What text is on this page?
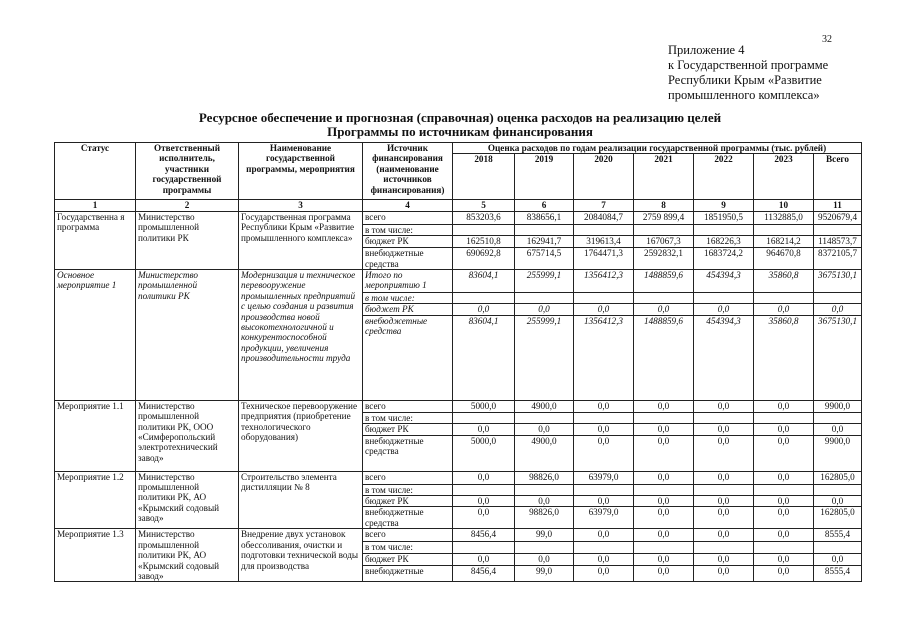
32
Приложение 4
к Государственной программе
Республики Крым «Развитие
промышленного комплекса»
Ресурсное обеспечение и прогнозная (справочная) оценка расходов на реализацию целей
Программы по источникам финансирования
Статус	Ответственный исполнитель, участники государственной программы	Наименование государственной программы, мероприятия	Источник финансирования (наименование источников финансирования)	Оценка расходов по годам реализации государственной программы (тыс. рублей)						
				2018	2019	2020	2021	2022	2023	Всего
1	2	3	4	5	6	7	8	9	10	11
Государственна я программа	Министерство промышленной политики РК	Государственная программа Республики Крым «Развитие промышленного комплекса»	всего	853203,6	838656,1	2084084,7	2759 899,4	1851950,5	1132885,0	9520679,4
			в том числе:							
			бюджет РК	162510,8	162941,7	319613,4	167067,3	168226,3	168214,2	1148573,7
			внебюджетные средства	690692,8	675714,5	1764471,3	2592832,1	1683724,2	964670,8	8372105,7
Основное мероприятие 1	Министерство промышленной политики РК	Модернизация и техническое перевооружение промышленных предприятий с целью создания и развития производства новой высокотехнологичной и конкурентоспособной продукции, увеличения производительности труда	Итого по мероприятию 1	83604,1	255999,1	1356412,3	1488859,6	454394,3	35860,8	3675130,1
			в том числе:							
			бюджет РК	0,0	0,0	0,0	0,0	0,0	0,0	0,0
			внебюджетные средства	83604,1	255999,1	1356412,3	1488859,6	454394,3	35860,8	3675130,1
Мероприятие 1.1	Министерство промышленной политики РК, ООО «Симферопольский электротехнический завод»	Техническое перевооружение предприятия (приобретение технологического оборудования)	всего	5000,0	4900,0	0,0	0,0	0,0	0,0	9900,0
			в том числе:							
			бюджет РК	0,0	0,0	0,0	0,0	0,0	0,0	0,0
			внебюджетные средства	5000,0	4900,0	0,0	0,0	0,0	0,0	9900,0
Мероприятие 1.2	Министерство промышленной политики РК, АО «Крымский содовый завод»	Строительство элемента дистилляции № 8	всего	0,0	98826,0	63979,0	0,0	0,0	0,0	162805,0
			в том числе:							
			бюджет РК	0,0	0,0	0,0	0,0	0,0	0,0	0,0
			внебюджетные средства	0,0	98826,0	63979,0	0,0	0,0	0,0	162805,0
Мероприятие 1.3	Министерство промышленной политики РК, АО «Крымский содовый завод»	Внедрение двух установок обессоливания, очистки и подготовки технической воды для производства	всего	8456,4	99,0	0,0	0,0	0,0	0,0	8555,4
			в том числе:							
			бюджет РК	0,0	0,0	0,0	0,0	0,0	0,0	0,0
			внебюджетные	8456,4	99,0	0,0	0,0	0,0	0,0	8555,4
